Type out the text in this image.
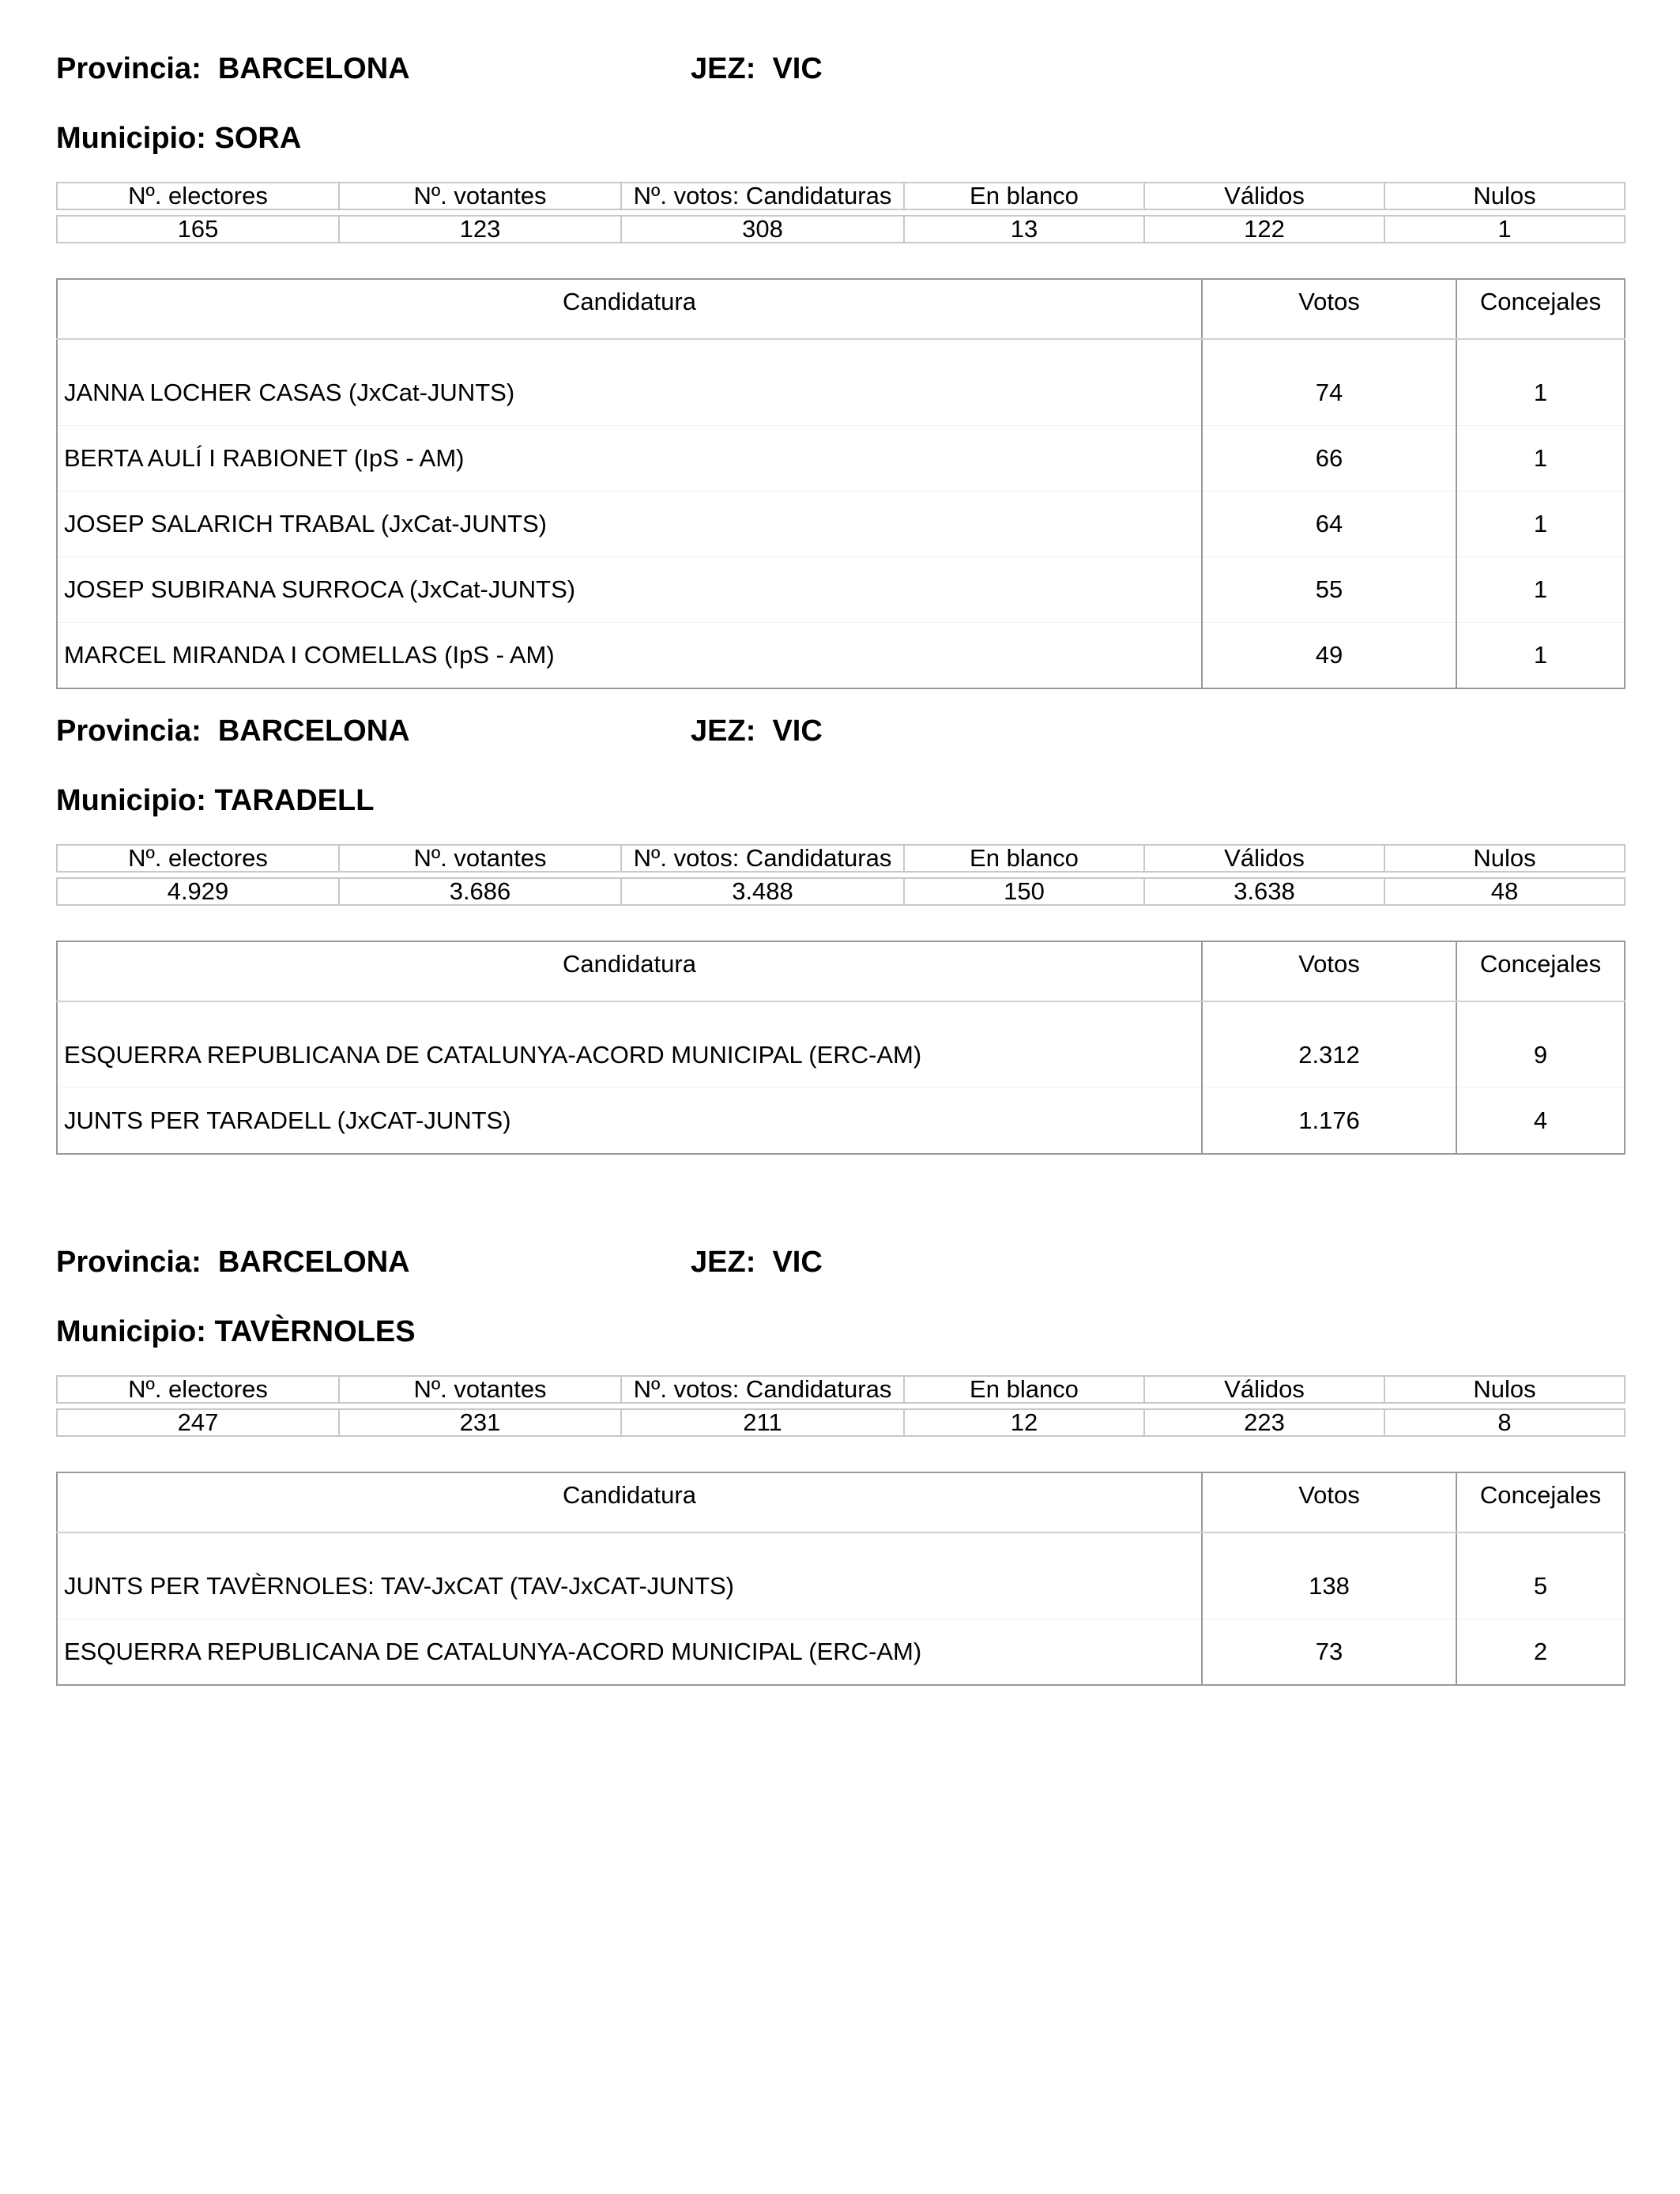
Provincia:  BARCELONA	JEZ:  VIC
Municipio: SORA
Nº. electores	Nº. votantes	Nº. votos: Candidaturas	En blanco	Válidos	Nulos

165	123	308	13	122	1
Candidatura	Votos	Concejales

JANNA LOCHER CASAS (JxCat-JUNTS)	74	1
BERTA AULÍ I RABIONET (IpS - AM)	66	1
JOSEP SALARICH TRABAL (JxCat-JUNTS)	64	1
JOSEP SUBIRANA SURROCA (JxCat-JUNTS)	55	1
MARCEL MIRANDA I COMELLAS (IpS - AM)	49	1
Provincia:  BARCELONA	JEZ:  VIC
Municipio: TARADELL
Nº. electores	Nº. votantes	Nº. votos: Candidaturas	En blanco	Válidos	Nulos

4.929	3.686	3.488	150	3.638	48
Candidatura	Votos	Concejales

ESQUERRA REPUBLICANA DE CATALUNYA-ACORD MUNICIPAL (ERC-AM)	2.312	9
JUNTS PER TARADELL (JxCAT-JUNTS)	1.176	4
Provincia:  BARCELONA	JEZ:  VIC
Municipio: TAVÈRNOLES
Nº. electores	Nº. votantes	Nº. votos: Candidaturas	En blanco	Válidos	Nulos

247	231	211	12	223	8
Candidatura	Votos	Concejales

JUNTS PER TAVÈRNOLES: TAV-JxCAT (TAV-JxCAT-JUNTS)	138	5
ESQUERRA REPUBLICANA DE CATALUNYA-ACORD MUNICIPAL (ERC-AM)	73	2
